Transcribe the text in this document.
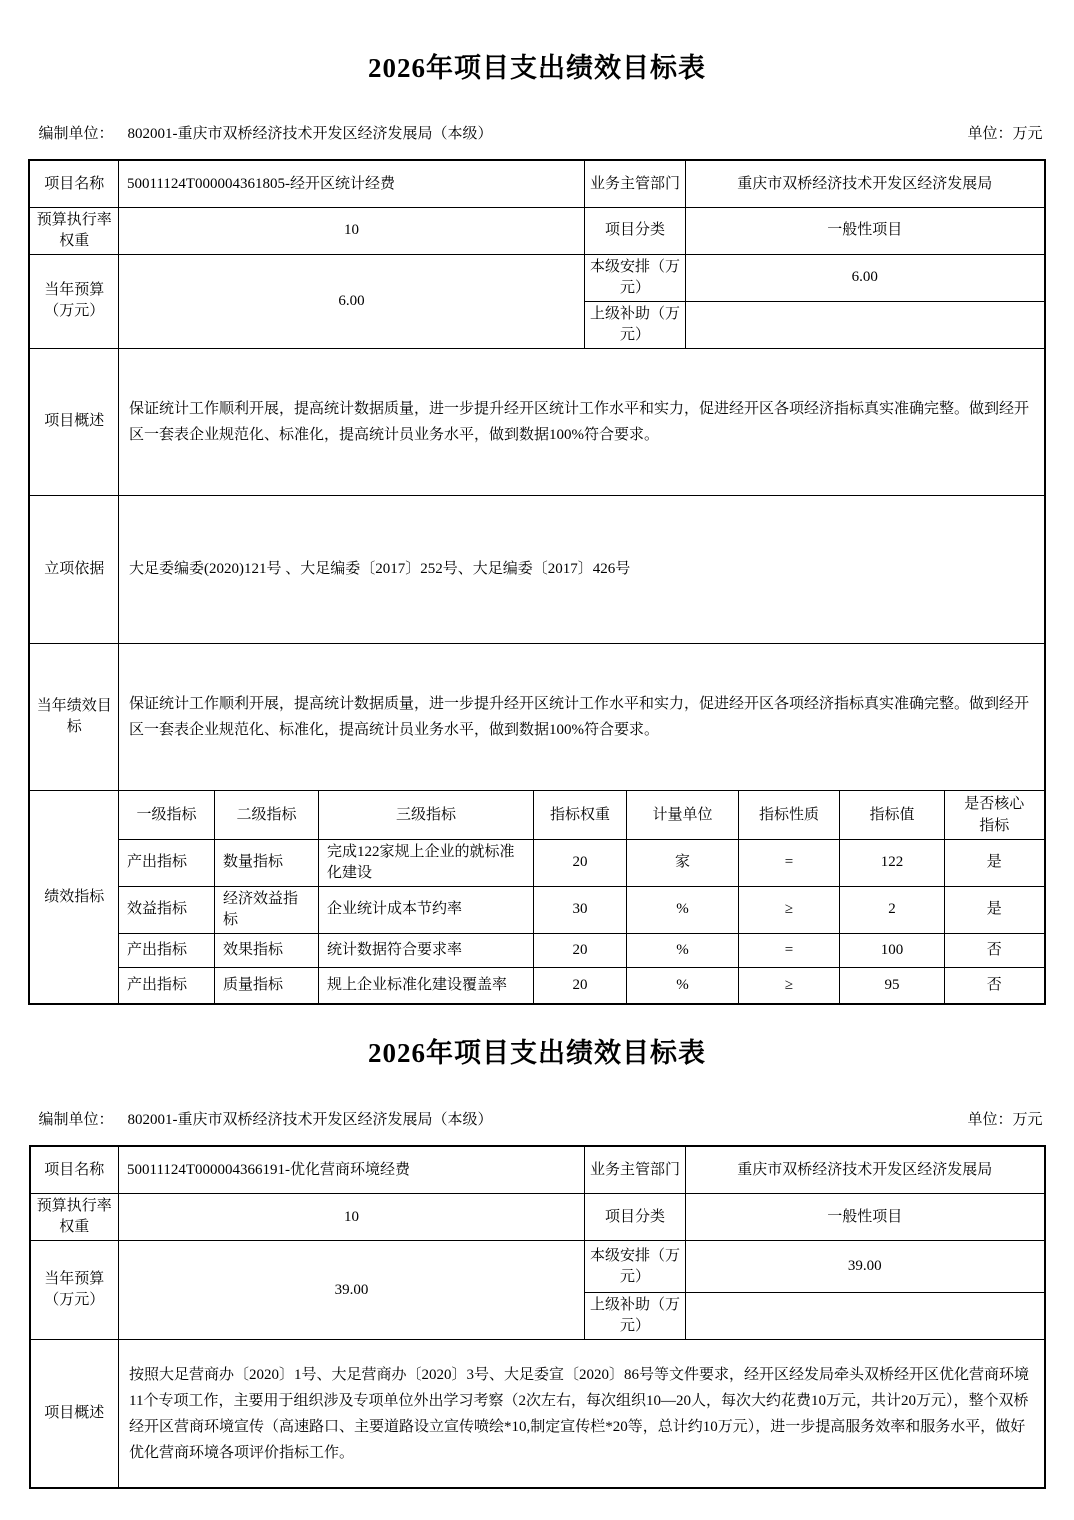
2026年项目支出绩效目标表
编制单位： 802001-重庆市双桥经济技术开发区经济发展局（本级）	单位：万元
项目名称	50011124T000004361805-经开区统计经费				业务主管部门		重庆市双桥经济技术开发区经济发展局			
预算执行率权重	10				项目分类		一般性项目			
当年预算（万元）	6.00				本级安排（万元）		6.00			
					上级补助（万元）					
项目概述	保证统计工作顺利开展，提高统计数据质量，进一步提升经开区统计工作水平和实力，促进经开区各项经济指标真实准确完整。做到经开区一套表企业规范化、标准化，提高统计员业务水平，做到数据100%符合要求。									
立项依据	大足委编委(2020)121号 、大足编委〔2017〕252号、大足编委〔2017〕426号									
当年绩效目标	保证统计工作顺利开展，提高统计数据质量，进一步提升经开区统计工作水平和实力，促进经开区各项经济指标真实准确完整。做到经开区一套表企业规范化、标准化，提高统计员业务水平，做到数据100%符合要求。									
绩效指标	一级指标	二级指标	三级指标	指标权重		计量单位		指标性质	指标值	是否核心指标
	产出指标	数量指标	完成122家规上企业的就标准化建设	20		家		=	122	是
	效益指标	经济效益指标	企业统计成本节约率	30		%		≥	2	是
	产出指标	效果指标	统计数据符合要求率	20		%		=	100	否
	产出指标	质量指标	规上企业标准化建设覆盖率	20		%		≥	95	否
2026年项目支出绩效目标表
编制单位： 802001-重庆市双桥经济技术开发区经济发展局（本级）	单位：万元
项目名称	50011124T000004366191-优化营商环境经费	业务主管部门	重庆市双桥经济技术开发区经济发展局
预算执行率权重	10	项目分类	一般性项目
当年预算（万元）	39.00	本级安排（万元）	39.00
		上级补助（万元）	
项目概述	按照大足营商办〔2020〕1号、大足营商办〔2020〕3号、大足委宣〔2020〕86号等文件要求，经开区经发局牵头双桥经开区优化营商环境11个专项工作，主要用于组织涉及专项单位外出学习考察（2次左右，每次组织10—20人，每次大约花费10万元，共计20万元），整个双桥经开区营商环境宣传（高速路口、主要道路设立宣传喷绘*10,制定宣传栏*20等，总计约10万元），进一步提高服务效率和服务水平，做好优化营商环境各项评价指标工作。		
